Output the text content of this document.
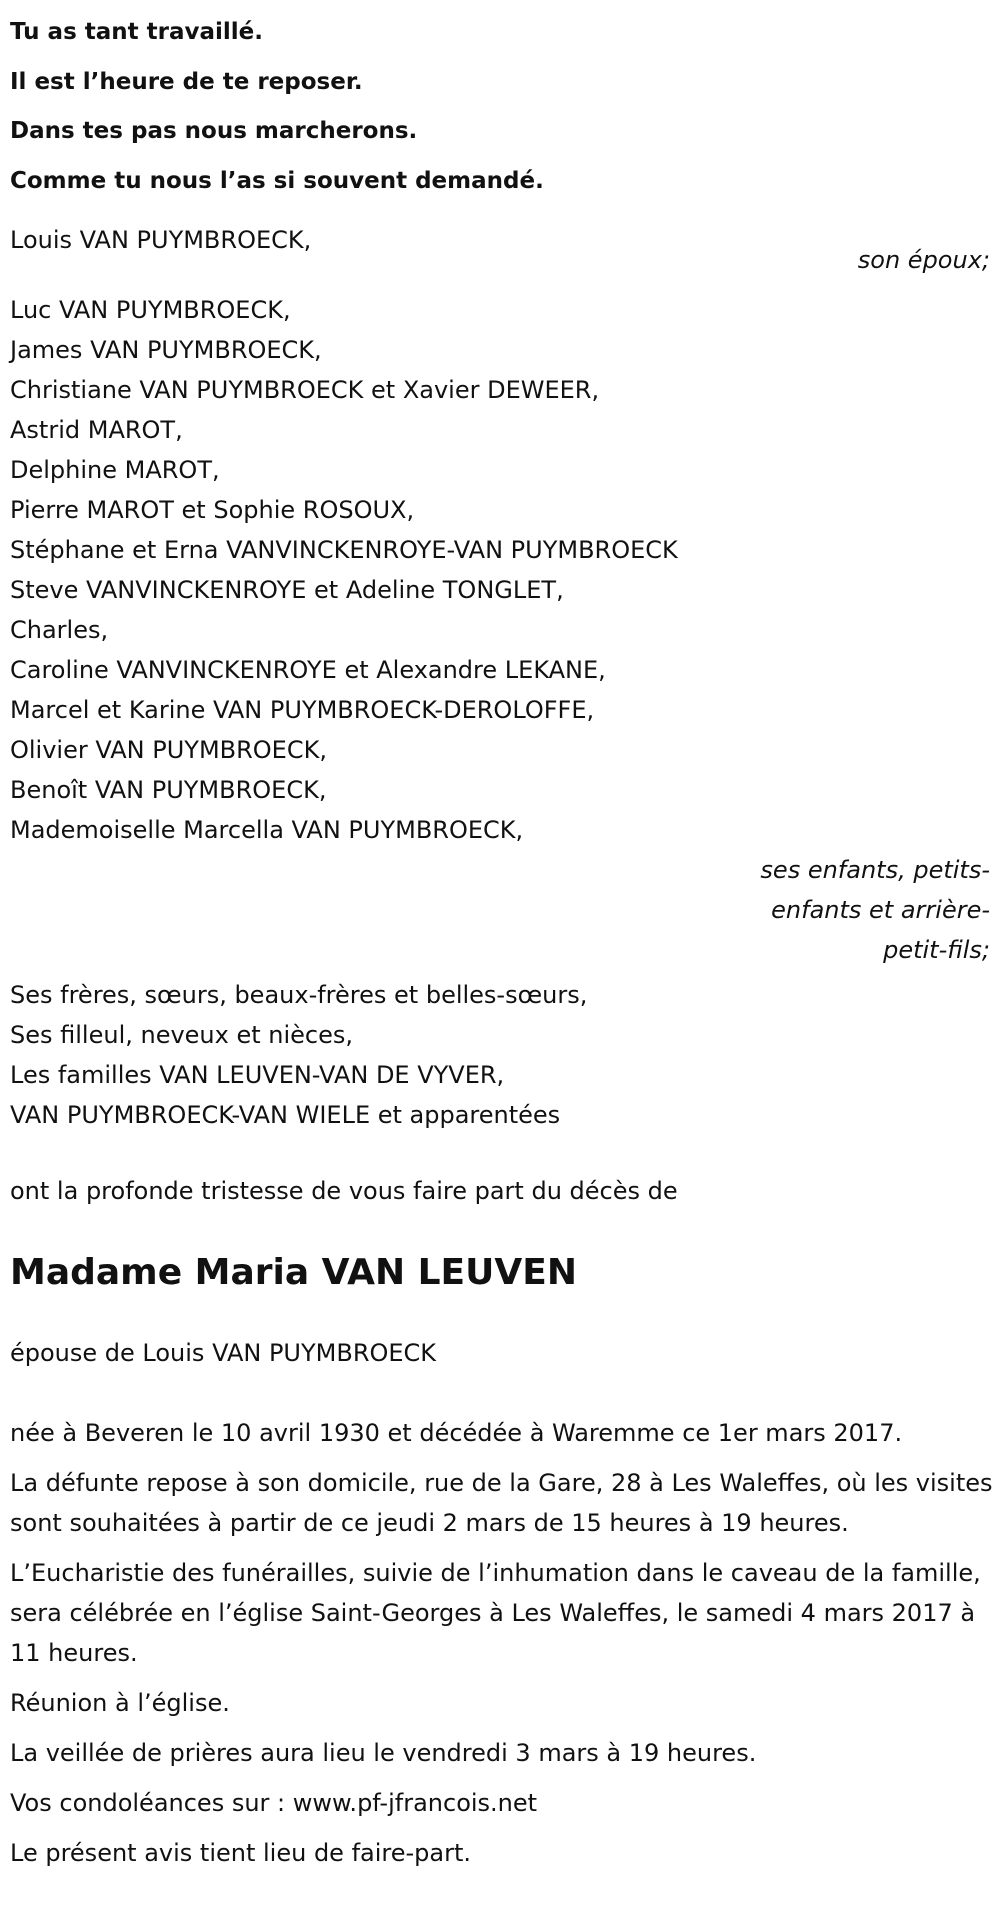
Tu as tant travaillé.
Il est l’heure de te reposer.
Dans tes pas nous marcherons.
Comme tu nous l’as si souvent demandé.
Louis VAN PUYMBROECK,
son époux;
Luc VAN PUYMBROECK,
James VAN PUYMBROECK,
Christiane VAN PUYMBROECK et Xavier DEWEER,
Astrid MAROT,
Delphine MAROT,
Pierre MAROT et Sophie ROSOUX,
Stéphane et Erna VANVINCKENROYE-VAN PUYMBROECK
Steve VANVINCKENROYE et Adeline TONGLET,
Charles,
Caroline VANVINCKENROYE et Alexandre LEKANE,
Marcel et Karine VAN PUYMBROECK-DEROLOFFE,
Olivier VAN PUYMBROECK,
Benoît VAN PUYMBROECK,
Mademoiselle Marcella VAN PUYMBROECK,
ses enfants, petits-
enfants et arrière-
petit-fils;
Ses frères, sœurs, beaux-frères et belles-sœurs,
Ses filleul, neveux et nièces,
Les familles VAN LEUVEN-VAN DE VYVER,
VAN PUYMBROECK-VAN WIELE et apparentées
ont la profonde tristesse de vous faire part du décès de
Madame Maria VAN LEUVEN
épouse de Louis VAN PUYMBROECK
née à Beveren le 10 avril 1930 et décédée à Waremme ce 1er mars 2017.
La défunte repose à son domicile, rue de la Gare, 28 à Les Waleffes, où les visites sont souhaitées à partir de ce jeudi 2 mars de 15 heures à 19 heures.
L’Eucharistie des funérailles, suivie de l’inhumation dans le caveau de la famille, sera célébrée en l’église Saint-Georges à Les Waleffes, le samedi 4 mars 2017 à 11 heures.
Réunion à l’église.
La veillée de prières aura lieu le vendredi 3 mars à 19 heures.
Vos condoléances sur : www.pf-jfrancois.net
Le présent avis tient lieu de faire-part.
